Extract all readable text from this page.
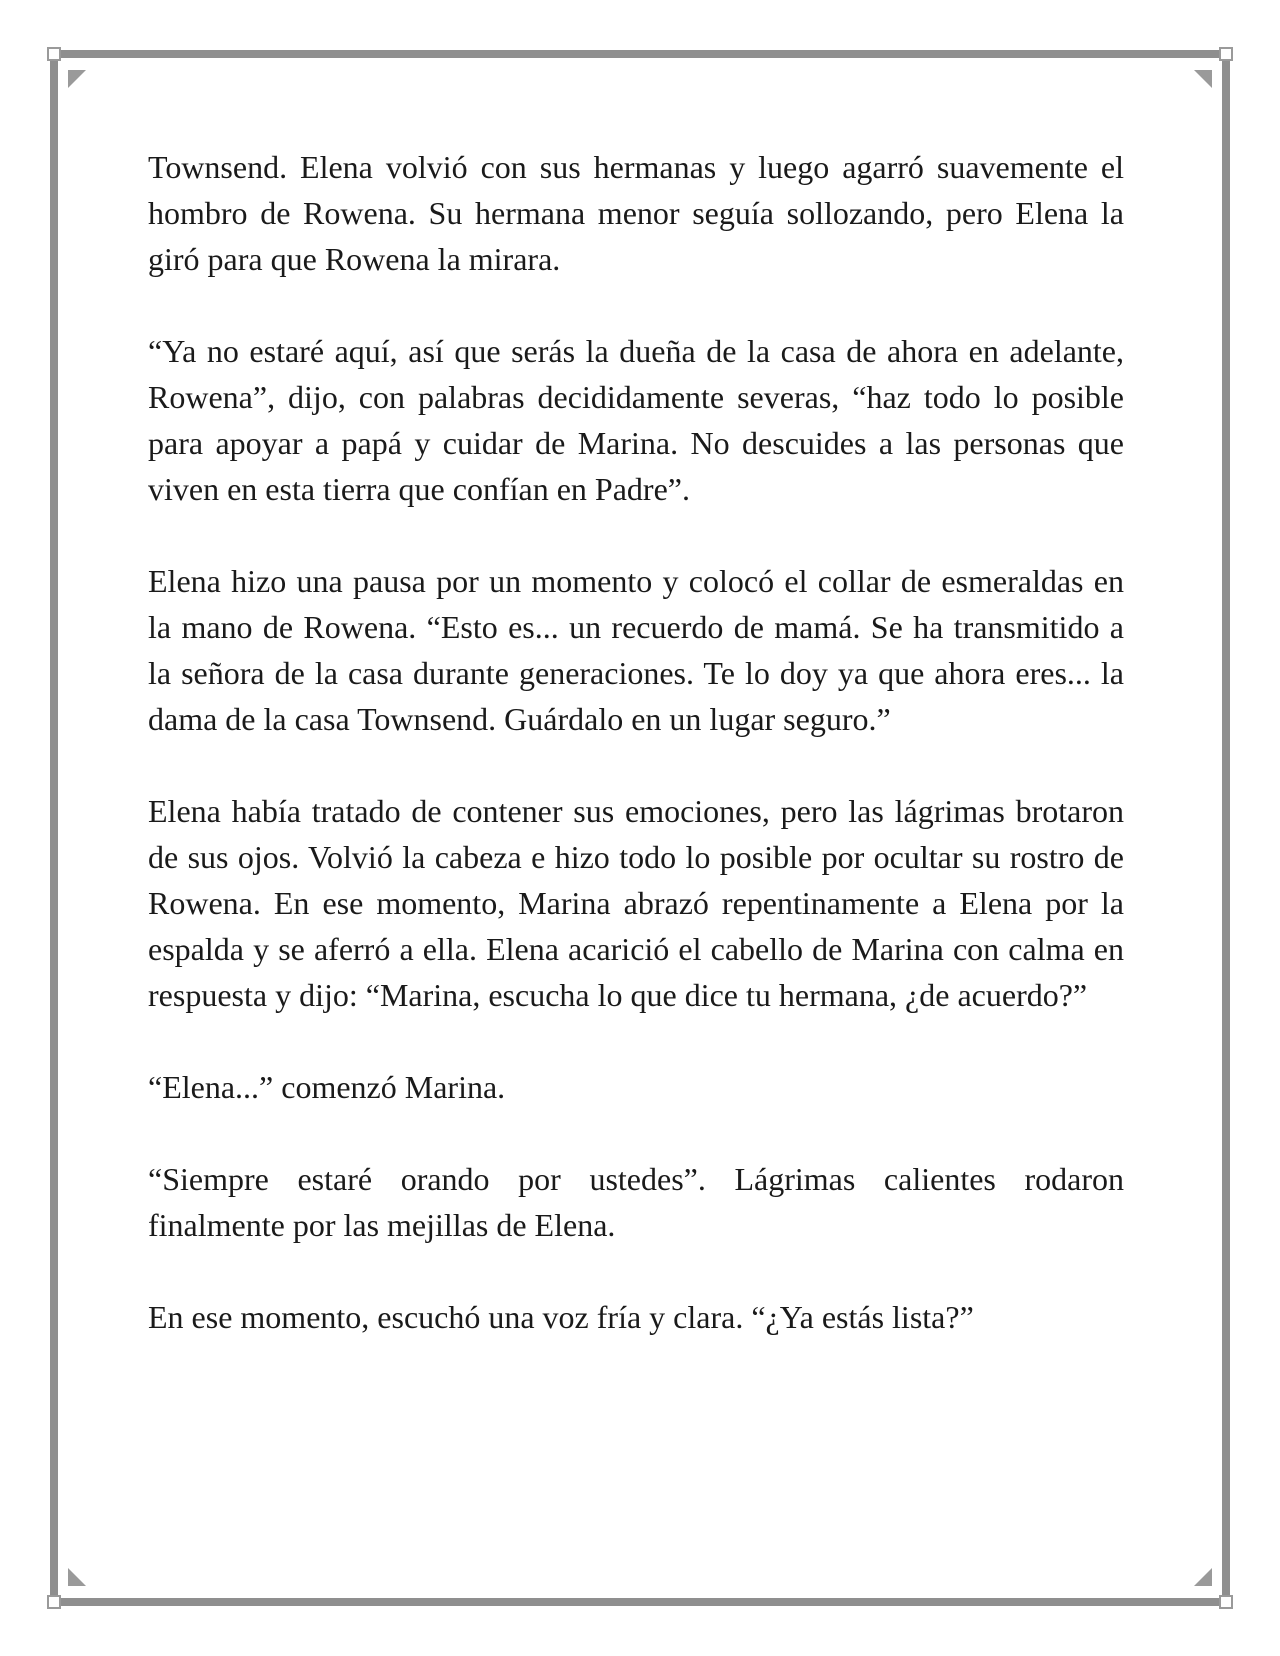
Townsend. Elena volvió con sus hermanas y luego agarró suavemente el hombro de Rowena. Su hermana menor seguía sollozando, pero Elena la giró para que Rowena la mirara.

“Ya no estaré aquí, así que serás la dueña de la casa de ahora en adelante, Rowena”, dijo, con palabras decididamente severas, “haz todo lo posible para apoyar a papá y cuidar de Marina. No descuides a las personas que viven en esta tierra que confían en Padre”.

Elena hizo una pausa por un momento y colocó el collar de esmeraldas en la mano de Rowena. “Esto es... un recuerdo de mamá. Se ha transmitido a la señora de la casa durante generaciones. Te lo doy ya que ahora eres... la dama de la casa Townsend. Guárdalo en un lugar seguro.”

Elena había tratado de contener sus emociones, pero las lágrimas brotaron de sus ojos. Volvió la cabeza e hizo todo lo posible por ocultar su rostro de Rowena. En ese momento, Marina abrazó repentinamente a Elena por la espalda y se aferró a ella. Elena acarició el cabello de Marina con calma en respuesta y dijo: “Marina, escucha lo que dice tu hermana, ¿de acuerdo?”

“Elena...” comenzó Marina.

“Siempre estaré orando por ustedes”. Lágrimas calientes rodaron finalmente por las mejillas de Elena.

En ese momento, escuchó una voz fría y clara. “¿Ya estás lista?”
